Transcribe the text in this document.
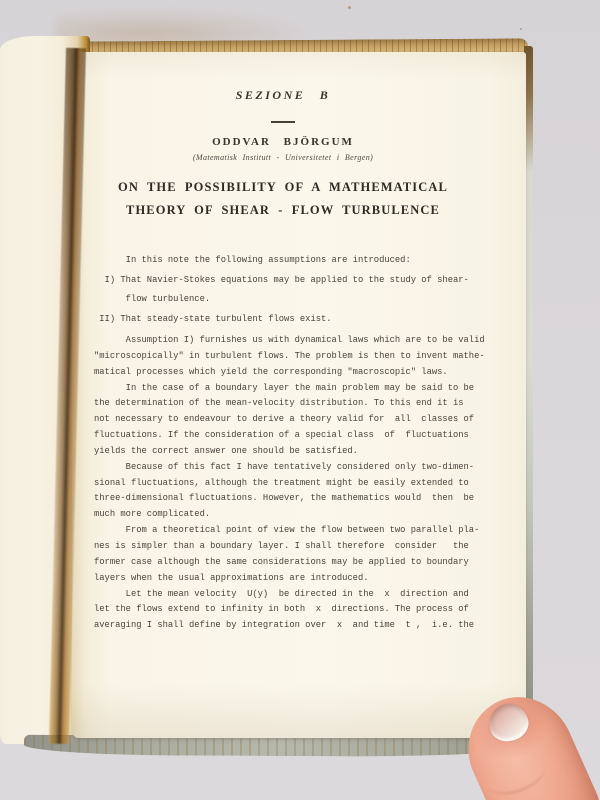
SEZIONE B
ODDVAR BJÖRGUM
(Matematisk Institutt - Universitetet i Bergen)
ON THE POSSIBILITY OF A MATHEMATICAL
THEORY OF SHEAR - FLOW TURBULENCE
In this note the following assumptions are introduced:
I) That Navier-Stokes equations may be applied to the study of shear-
flow turbulence.
II) That steady-state turbulent flows exist.
Assumption I) furnishes us with dynamical laws which are to be valid
"microscopically" in turbulent flows. The problem is then to invent mathe-
matical processes which yield the corresponding "macroscopic" laws.
In the case of a boundary layer the main problem may be said to be
the determination of the mean-velocity distribution. To this end it is
not necessary to endeavour to derive a theory valid for  all  classes of
fluctuations. If the consideration of a special class  of  fluctuations
yields the correct answer one should be satisfied.
Because of this fact I have tentatively considered only two-dimen-
sional fluctuations, although the treatment might be easily extended to
three-dimensional fluctuations. However, the mathematics would  then  be
much more complicated.
From a theoretical point of view the flow between two parallel pla-
nes is simpler than a boundary layer. I shall therefore  consider   the
former case although the same considerations may be applied to boundary
layers when the usual approximations are introduced.
Let the mean velocity  U(y)  be directed in the  x  direction and
let the flows extend to infinity in both  x  directions. The process of
averaging I shall define by integration over  x  and time  t ,  i.e. the
